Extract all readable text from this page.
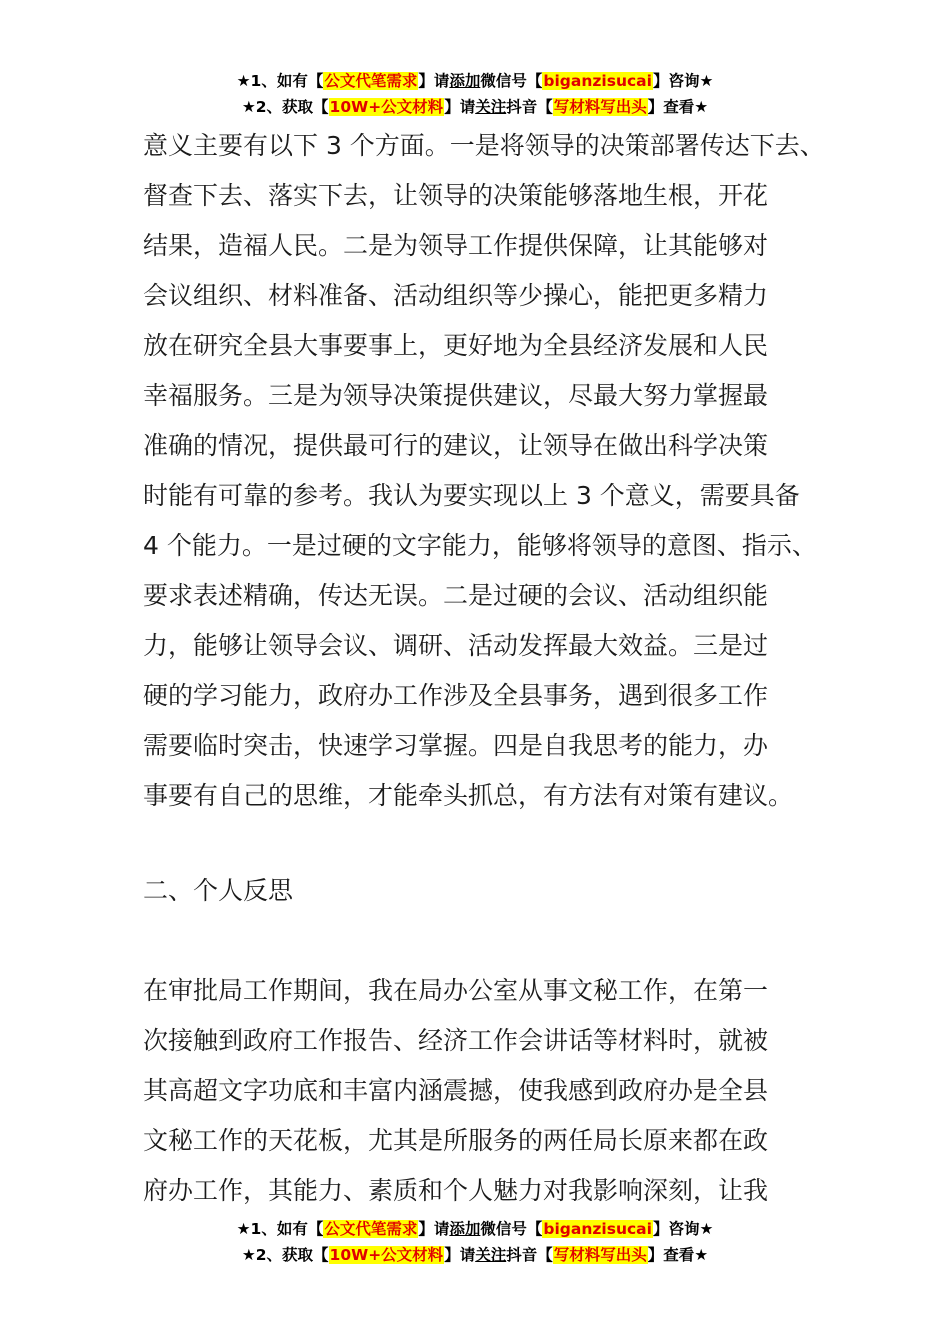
★1、如有【公文代笔需求】请添加微信号【biganzisucai】咨询★
★2、获取【10W+公文材料】请关注抖音【写材料写出头】查看★
意义主要有以下 3 个方面。一是将领导的决策部署传达下去、
督查下去、落实下去，让领导的决策能够落地生根，开花
结果，造福人民。二是为领导工作提供保障，让其能够对
会议组织、材料准备、活动组织等少操心，能把更多精力
放在研究全县大事要事上，更好地为全县经济发展和人民
幸福服务。三是为领导决策提供建议，尽最大努力掌握最
准确的情况，提供最可行的建议，让领导在做出科学决策
时能有可靠的参考。我认为要实现以上 3 个意义，需要具备
4 个能力。一是过硬的文字能力，能够将领导的意图、指示、
要求表述精确，传达无误。二是过硬的会议、活动组织能
力，能够让领导会议、调研、活动发挥最大效益。三是过
硬的学习能力，政府办工作涉及全县事务，遇到很多工作
需要临时突击，快速学习掌握。四是自我思考的能力，办
事要有自己的思维，才能牵头抓总，有方法有对策有建议。
二、个人反思
在审批局工作期间，我在局办公室从事文秘工作，在第一
次接触到政府工作报告、经济工作会讲话等材料时，就被
其高超文字功底和丰富内涵震撼，使我感到政府办是全县
文秘工作的天花板，尤其是所服务的两任局长原来都在政
府办工作，其能力、素质和个人魅力对我影响深刻，让我
★1、如有【公文代笔需求】请添加微信号【biganzisucai】咨询★
★2、获取【10W+公文材料】请关注抖音【写材料写出头】查看★
